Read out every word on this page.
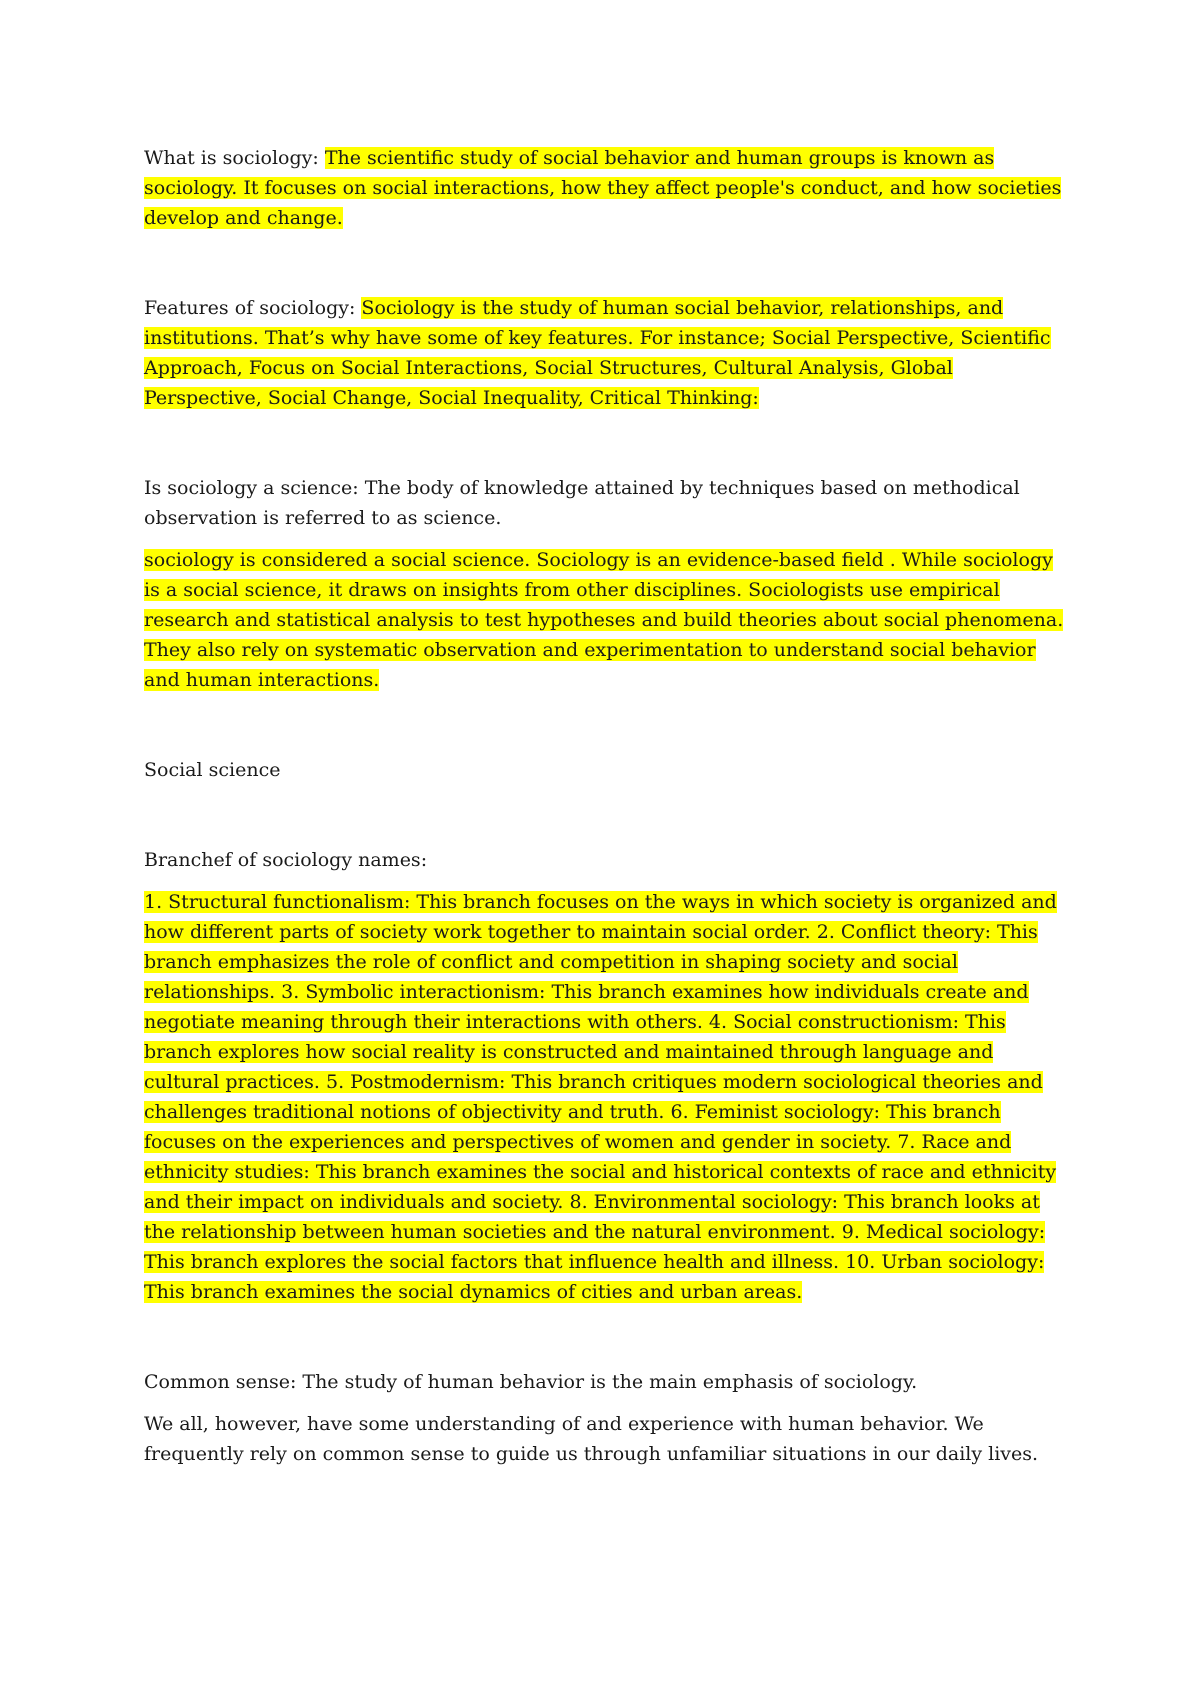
What is sociology: The scientific study of social behavior and human groups is known as sociology. It focuses on social interactions, how they affect people's conduct, and how societies develop and change.

Features of sociology: Sociology is the study of human social behavior, relationships, and institutions. That’s why have some of key features. For instance; Social Perspective, Scientific Approach, Focus on Social Interactions, Social Structures, Cultural Analysis, Global Perspective, Social Change, Social Inequality, Critical Thinking:

Is sociology a science: The body of knowledge attained by techniques based on methodical observation is referred to as science.

sociology is considered a social science. Sociology is an evidence-based field . While sociology is a social science, it draws on insights from other disciplines. Sociologists use empirical research and statistical analysis to test hypotheses and build theories about social phenomena. They also rely on systematic observation and experimentation to understand social behavior and human interactions.

Social science

Branchef of sociology names:

1. Structural functionalism: This branch focuses on the ways in which society is organized and how different parts of society work together to maintain social order. 2. Conflict theory: This branch emphasizes the role of conflict and competition in shaping society and social relationships. 3. Symbolic interactionism: This branch examines how individuals create and negotiate meaning through their interactions with others. 4. Social constructionism: This branch explores how social reality is constructed and maintained through language and cultural practices. 5. Postmodernism: This branch critiques modern sociological theories and challenges traditional notions of objectivity and truth. 6. Feminist sociology: This branch focuses on the experiences and perspectives of women and gender in society. 7. Race and ethnicity studies: This branch examines the social and historical contexts of race and ethnicity and their impact on individuals and society. 8. Environmental sociology: This branch looks at the relationship between human societies and the natural environment. 9. Medical sociology: This branch explores the social factors that influence health and illness. 10. Urban sociology: This branch examines the social dynamics of cities and urban areas.

Common sense: The study of human behavior is the main emphasis of sociology.

We all, however, have some understanding of and experience with human behavior. We frequently rely on common sense to guide us through unfamiliar situations in our daily lives.
